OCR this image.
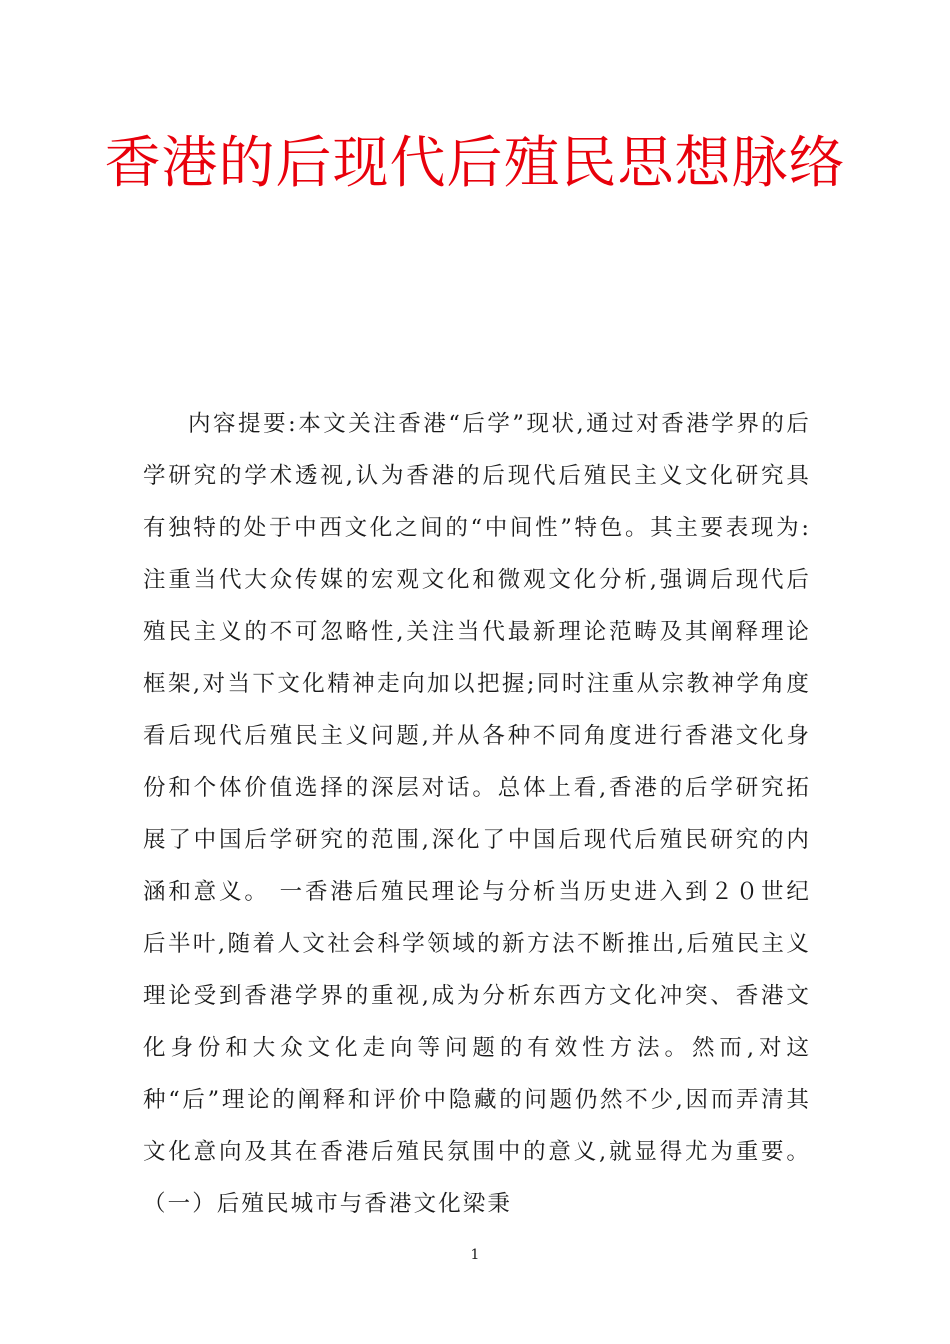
香港的后现代后殖民思想脉络

内容提要:本文关注香港“后学”现状,通过对香港学界的后学研究的学术透视,认为香港的后现代后殖民主义文化研究具有独特的处于中西文化之间的“中间性”特色。其主要表现为:注重当代大众传媒的宏观文化和微观文化分析,强调后现代后殖民主义的不可忽略性,关注当代最新理论范畴及其阐释理论框架,对当下文化精神走向加以把握;同时注重从宗教神学角度看后现代后殖民主义问题,并从各种不同角度进行香港文化身份和个体价值选择的深层对话。总体上看,香港的后学研究拓展了中国后学研究的范围,深化了中国后现代后殖民研究的内涵和意义。 一香港后殖民理论与分析当历史进入到２０世纪后半叶,随着人文社会科学领域的新方法不断推出,后殖民主义理论受到香港学界的重视,成为分析东西方文化冲突、香港文化身份和大众文化走向等问题的有效性方法。然而,对这种“后”理论的阐释和评价中隐藏的问题仍然不少,因而弄清其文化意向及其在香港后殖民氛围中的意义,就显得尤为重要。（一）后殖民城市与香港文化梁秉

1
